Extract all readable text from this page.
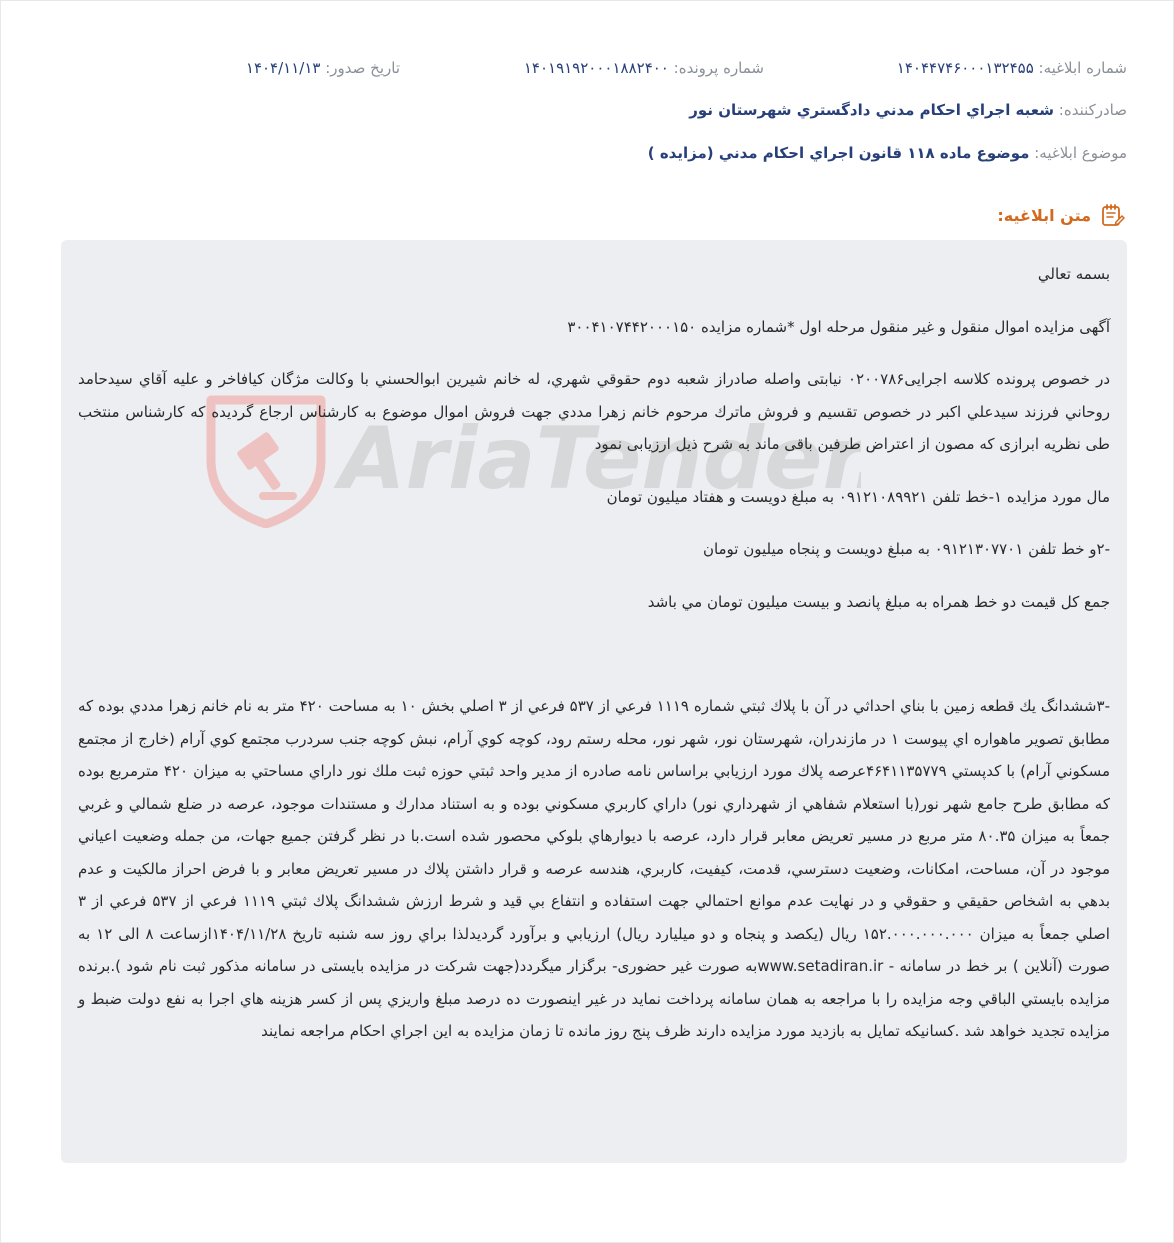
شماره ابلاغيه: ۱۴۰۴۴۷۴۶۰۰۰۱۳۲۴۵۵
شماره پرونده: ۱۴۰۱۹۱۹۲۰۰۰۱۸۸۲۴۰۰
تاريخ صدور: ۱۴۰۴/۱۱/۱۳
صادرکننده: شعبه اجراي احكام مدني دادگستري شهرستان نور
موضوع ابلاغيه: موضوع ماده ۱۱۸ قانون اجراي احكام مدني (مزايده )
متن ابلاغيه:
AriaTender

بسمه تعالي

آگهی مزایده اموال منقول و غیر منقول مرحله اول *شماره مزایده ۳۰۰۴۱۰۷۴۴۲۰۰۰۱۵۰

در خصوص پرونده کلاسه اجرایی۰۲۰۰۷۸۶ نیابتی واصله صادراز شعبه دوم حقوقي شهري، له خانم شيرين ابوالحسني با وكالت مژگان كيافاخر و علیه آقاي سيدحامد روحاني فرزند سيدعلي اكبر در خصوص تقسيم و فروش ماترك مرحوم خانم زهرا مددي جهت فروش اموال موضوع به کارشناس ارجاع گردیده که کارشناس منتخب طی نظریه ابرازی که مصون از اعتراض طرفین باقی ماند به شرح ذیل ارزیابی نمود

مال مورد مزایده ۱-خط تلفن ۰۹۱۲۱۰۸۹۹۲۱ به مبلغ دويست و هفتاد ميليون تومان

-۲و خط تلفن ۰۹۱۲۱۳۰۷۷۰۱ به مبلغ دويست و پنجاه ميليون تومان

جمع كل قيمت دو خط همراه به مبلغ پانصد و بيست ميليون تومان مي باشد

-۳ششدانگ يك قطعه زمين با بناي احداثي در آن با پلاك ثبتي شماره ۱۱۱۹ فرعي از ۵۳۷ فرعي از ۳ اصلي بخش ۱۰ به مساحت ۴۲۰ متر به نام خانم زهرا مددي بوده كه مطابق تصوير ماهواره اي پيوست ۱ در مازندران، شهرستان نور، شهر نور، محله رستم رود، كوچه كوي آرام، نبش كوچه جنب سردرب مجتمع كوي آرام (خارج از مجتمع مسكوني آرام) با كدپستي ۴۶۴۱۱۳۵۷۷۹عرصه پلاك مورد ارزيابي براساس نامه صادره از مدير واحد ثبتي حوزه ثبت ملك نور داراي مساحتي به ميزان ۴۲۰ مترمربع بوده كه مطابق طرح جامع شهر نور(با استعلام شفاهي از شهرداري نور) داراي كاربري مسكوني بوده و به استناد مدارك و مستندات موجود، عرصه در ضلع شمالي و غربي جمعاً به ميزان ۸۰.۳۵ متر مربع در مسير تعريض معابر قرار دارد، عرصه با ديوارهاي بلوكي محصور شده است.با در نظر گرفتن جميع جهات، من جمله وضعيت اعياني موجود در آن، مساحت، امكانات، وضعيت دسترسي، قدمت، كيفيت، كاربري، هندسه عرصه و قرار داشتن پلاك در مسير تعريض معابر و با فرض احراز مالكيت و عدم بدهي به اشخاص حقيقي و حقوقي و در نهايت عدم موانع احتمالي جهت استفاده و انتفاع بي قيد و شرط ارزش ششدانگ پلاك ثبتي ۱۱۱۹ فرعي از ۵۳۷ فرعي از ۳ اصلي جمعاً به ميزان ۱۵۲.۰۰۰.۰۰۰.۰۰۰ ريال (يكصد و پنجاه و دو ميليارد ريال) ارزيابي و برآورد گرديدلذا براي روز سه شنبه تاريخ ۱۴۰۴/۱۱/۲۸ازساعت ۸ الی ۱۲ به صورت (آنلاین ) بر خط در سامانه - www.setadiran.irبه صورت غیر حضوری- برگزار میگردد(جهت شرکت در مزایده بایستی در سامانه مذکور ثبت نام شود ).برنده مزايده بايستي الباقي وجه مزايده را با مراجعه به همان سامانه پرداخت نمايد در غير اينصورت ده درصد مبلغ واريزي پس از كسر هزينه هاي اجرا به نفع دولت ضبط و مزايده تجديد خواهد شد .كسانيكه تمايل به بازديد مورد مزايده دارند ظرف پنج روز مانده تا زمان مزايده به اين اجراي احكام مراجعه نمايند
